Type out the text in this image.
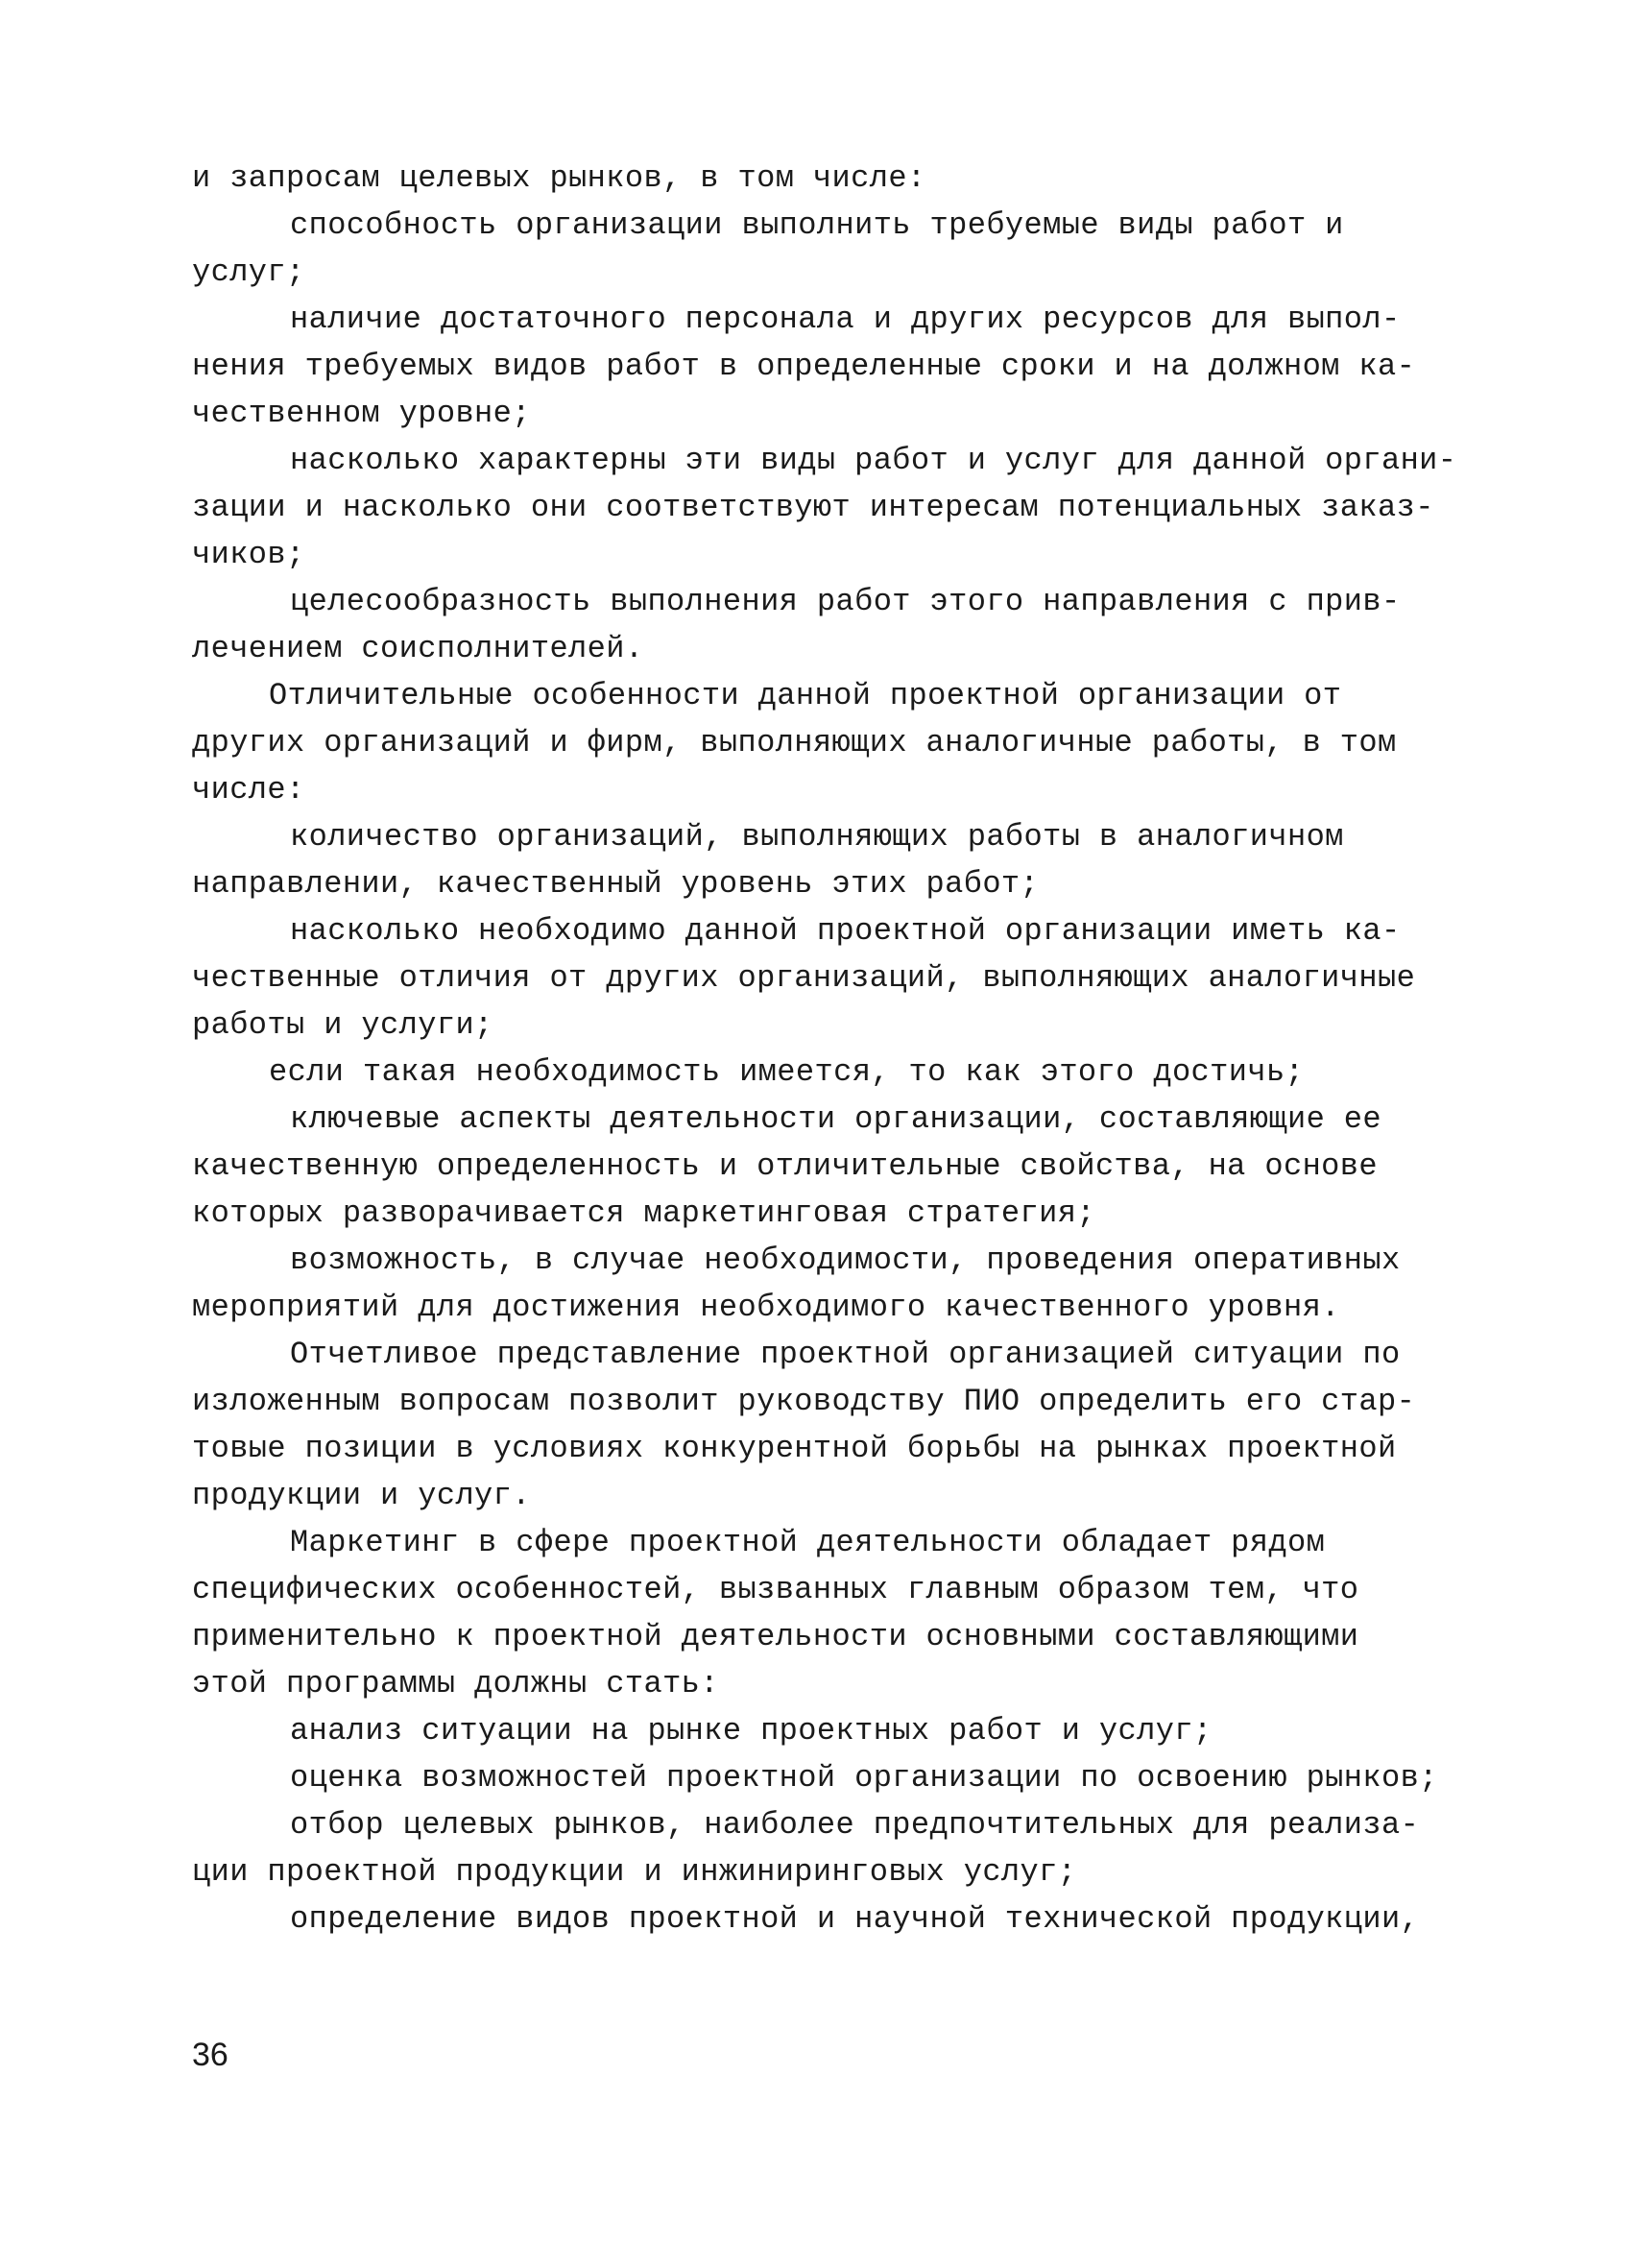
и запросам целевых рынков, в том числе:
способность организации выполнить требуемые виды работ и
услуг;
наличие достаточного персонала и других ресурсов для выпол-
нения требуемых видов работ в определенные сроки и на должном ка-
чественном уровне;
насколько характерны эти виды работ и услуг для данной органи-
зации и насколько они соответствуют интересам потенциальных заказ-
чиков;
целесообразность выполнения работ этого направления с прив-
лечением соисполнителей.
Отличительные особенности данной проектной организации от
других организаций и фирм, выполняющих аналогичные работы, в том
числе:
количество организаций, выполняющих работы в аналогичном
направлении, качественный уровень этих работ;
насколько необходимо данной проектной организации иметь ка-
чественные отличия от других организаций, выполняющих аналогичные
работы и услуги;
если такая необходимость имеется, то как этого достичь;
ключевые аспекты деятельности организации, составляющие ее
качественную определенность и отличительные свойства, на основе
которых разворачивается маркетинговая стратегия;
возможность, в случае необходимости, проведения оперативных
мероприятий для достижения необходимого качественного уровня.
Отчетливое представление проектной организацией ситуации по
изложенным вопросам позволит руководству ПИО определить его стар-
товые позиции в условиях конкурентной борьбы на рынках проектной
продукции и услуг.
Маркетинг в сфере проектной деятельности обладает рядом
специфических особенностей, вызванных главным образом тем, что
применительно к проектной деятельности основными составляющими
этой программы должны стать:
анализ ситуации на рынке проектных работ и услуг;
оценка возможностей проектной организации по освоению рынков;
отбор целевых рынков, наиболее предпочтительных для реализа-
ции проектной продукции и инжиниринговых услуг;
определение видов проектной и научной технической продукции,
36
